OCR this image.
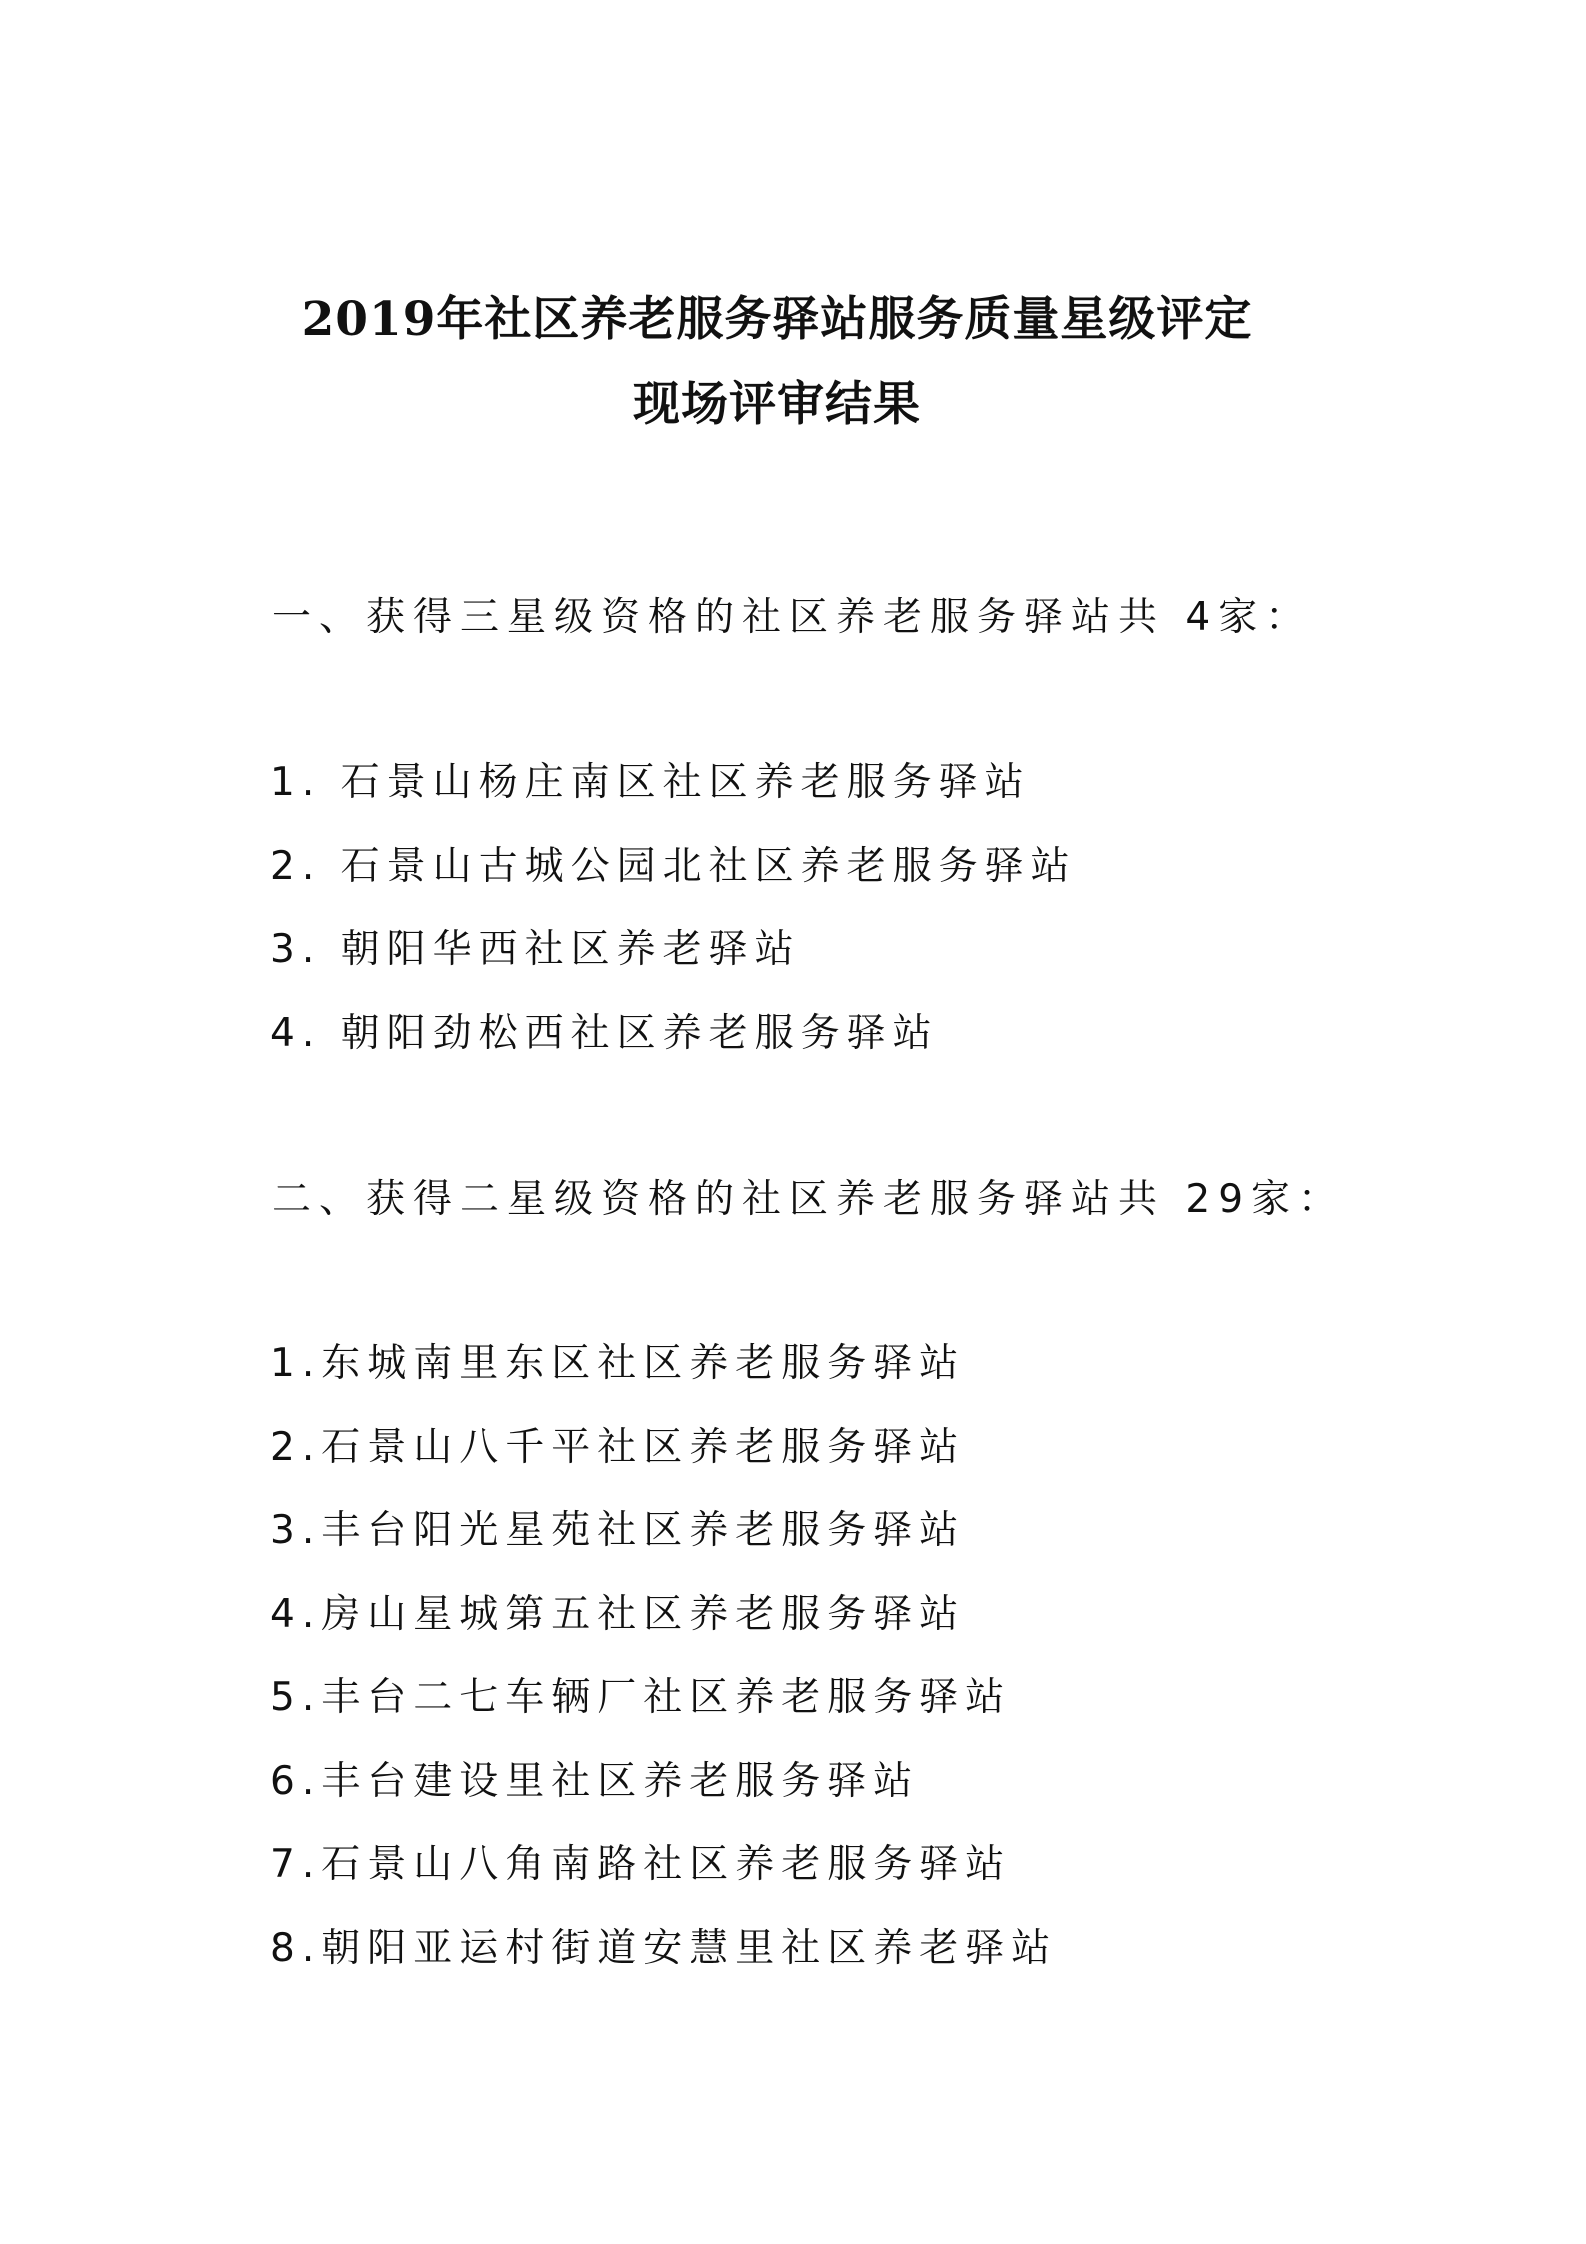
2019年社区养老服务驿站服务质量星级评定
现场评审结果
一、获得三星级资格的社区养老服务驿站共 4家：
1. 石景山杨庄南区社区养老服务驿站
2. 石景山古城公园北社区养老服务驿站
3. 朝阳华西社区养老驿站
4. 朝阳劲松西社区养老服务驿站
二、获得二星级资格的社区养老服务驿站共 29家：
1.东城南里东区社区养老服务驿站
2.石景山八千平社区养老服务驿站
3.丰台阳光星苑社区养老服务驿站
4.房山星城第五社区养老服务驿站
5.丰台二七车辆厂社区养老服务驿站
6.丰台建设里社区养老服务驿站
7.石景山八角南路社区养老服务驿站
8.朝阳亚运村街道安慧里社区养老驿站
